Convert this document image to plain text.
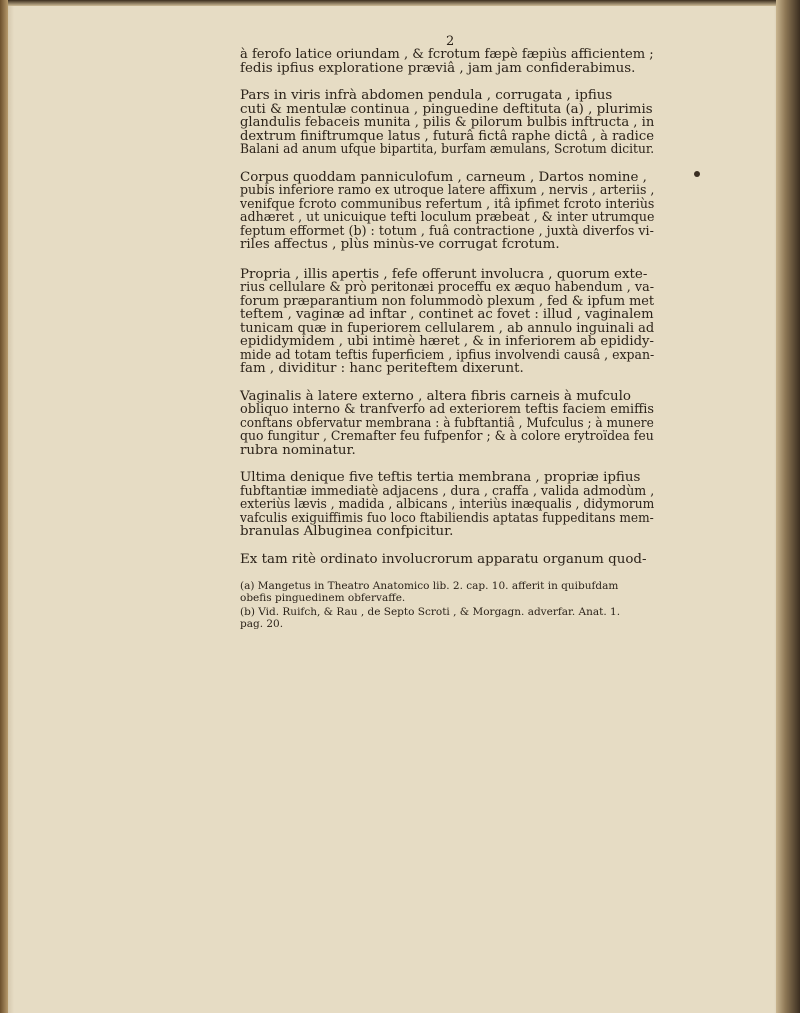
2
à ferofo latice oriundam , & fcrotum fæpè fæpiùs afficientem ;
fedis ipfius exploratione præviâ , jam jam confiderabimus.
Pars in viris infrà abdomen pendula , corrugata , ipfius
cuti & mentulæ continua , pinguedine deftituta (a) , plurimis
glandulis febaceis munita , pilis & pilorum bulbis inftructa , in
dextrum finiftrumque latus , futurâ fictâ raphe dictâ , à radice
Balani ad anum ufque bipartita, burfam æmulans, Scrotum dicitur.
Corpus quoddam panniculofum , carneum , Dartos nomine ,
pubis inferiore ramo ex utroque latere affixum , nervis , arteriis ,
venifque fcroto communibus refertum , itâ ipfimet fcroto interiùs
adhæret , ut unicuique tefti loculum præbeat , & inter utrumque
feptum efformet (b) : totum , fuâ contractione , juxtà diverfos vi-
riles affectus , plùs minùs-ve corrugat fcrotum.
Propria , illis apertis , fefe offerunt involucra , quorum exte-
rius cellulare & prò peritonæi proceffu ex æquo habendum , va-
forum præparantium non folummodò plexum , fed & ipfum met
teftem , vaginæ ad inftar , continet ac fovet : illud , vaginalem
tunicam quæ in fuperiorem cellularem , ab annulo inguinali ad
epididymidem , ubi intimè hæret , & in inferiorem ab epididy-
mide ad totam teftis fuperficiem , ipfius involvendi causâ , expan-
fam , dividitur : hanc periteftem dixerunt.
Vaginalis à latere externo , altera fibris carneis à mufculo
obliquo interno & tranfverfo ad exteriorem teftis faciem emiffis
conftans obfervatur membrana : à fubftantiâ , Mufculus ; à munere
quo fungitur , Cremafter feu fufpenfor ; & à colore erytroïdea feu
rubra nominatur.
Ultima denique five teftis tertia membrana , propriæ ipfius
fubftantiæ immediatè adjacens , dura , craffa , valida admodùm ,
exteriùs lævis , madida , albicans , interiùs inæqualis , didymorum
vafculis exiguiffimis fuo loco ftabiliendis aptatas fuppeditans mem-
branulas Albuginea confpicitur.
Ex tam ritè ordinato involucrorum apparatu organum quod-
(a) Mangetus in Theatro Anatomico lib. 2. cap. 10. afferit in quibufdam
obefis pinguedinem obfervaffe.
(b) Vid. Ruifch, & Rau , de Septo Scroti , & Morgagn. adverfar. Anat. 1.
pag. 20.
